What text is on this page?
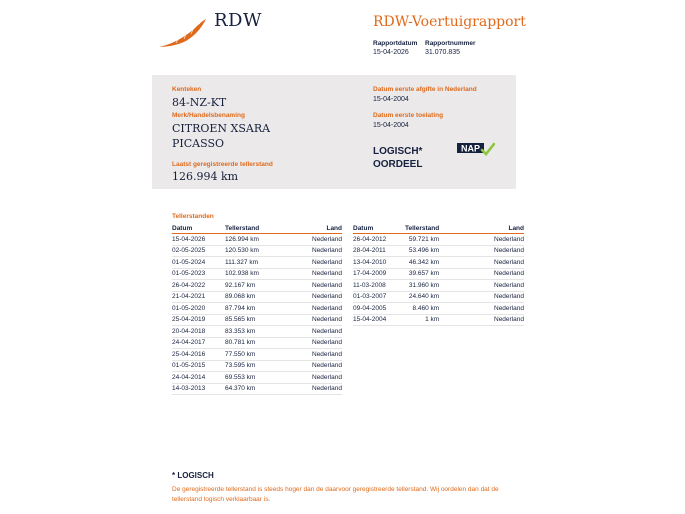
RDW	RDW-Voertuigrapport
Rapportdatum
15-04-2026
Rapportnummer
31.070.835
Kenteken
84-NZ-KT
Merk/Handelsbenaming
CITROEN XSARA
PICASSO
Laatst geregistreerde tellerstand
126.994 km
Datum eerste afgifte in Nederland
15-04-2004
Datum eerste toelating
15-04-2004
LOGISCH*
OORDEEL
NAP
Tellerstanden
Datum	Tellerstand	Land
15-04-2026	126.994 km	Nederland
02-05-2025	120.530 km	Nederland
01-05-2024	111.327 km	Nederland
01-05-2023	102.938 km	Nederland
26-04-2022	92.167 km	Nederland
21-04-2021	89.068 km	Nederland
01-05-2020	87.794 km	Nederland
25-04-2019	85.565 km	Nederland
20-04-2018	83.353 km	Nederland
24-04-2017	80.781 km	Nederland
25-04-2016	77.550 km	Nederland
01-05-2015	73.595 km	Nederland
24-04-2014	69.553 km	Nederland
14-03-2013	64.370 km	Nederland
Datum	Tellerstand	Land
26-04-2012	59.721 km	Nederland
28-04-2011	53.496 km	Nederland
13-04-2010	46.342 km	Nederland
17-04-2009	39.657 km	Nederland
11-03-2008	31.960 km	Nederland
01-03-2007	24.640 km	Nederland
09-04-2005	8.460 km	Nederland
15-04-2004	1 km	Nederland
* LOGISCH
De geregistreerde tellerstand is steeds hoger dan de daarvoor geregistreerde tellerstand. Wij oordelen dan dat de tellerstand logisch verklaarbaar is.
